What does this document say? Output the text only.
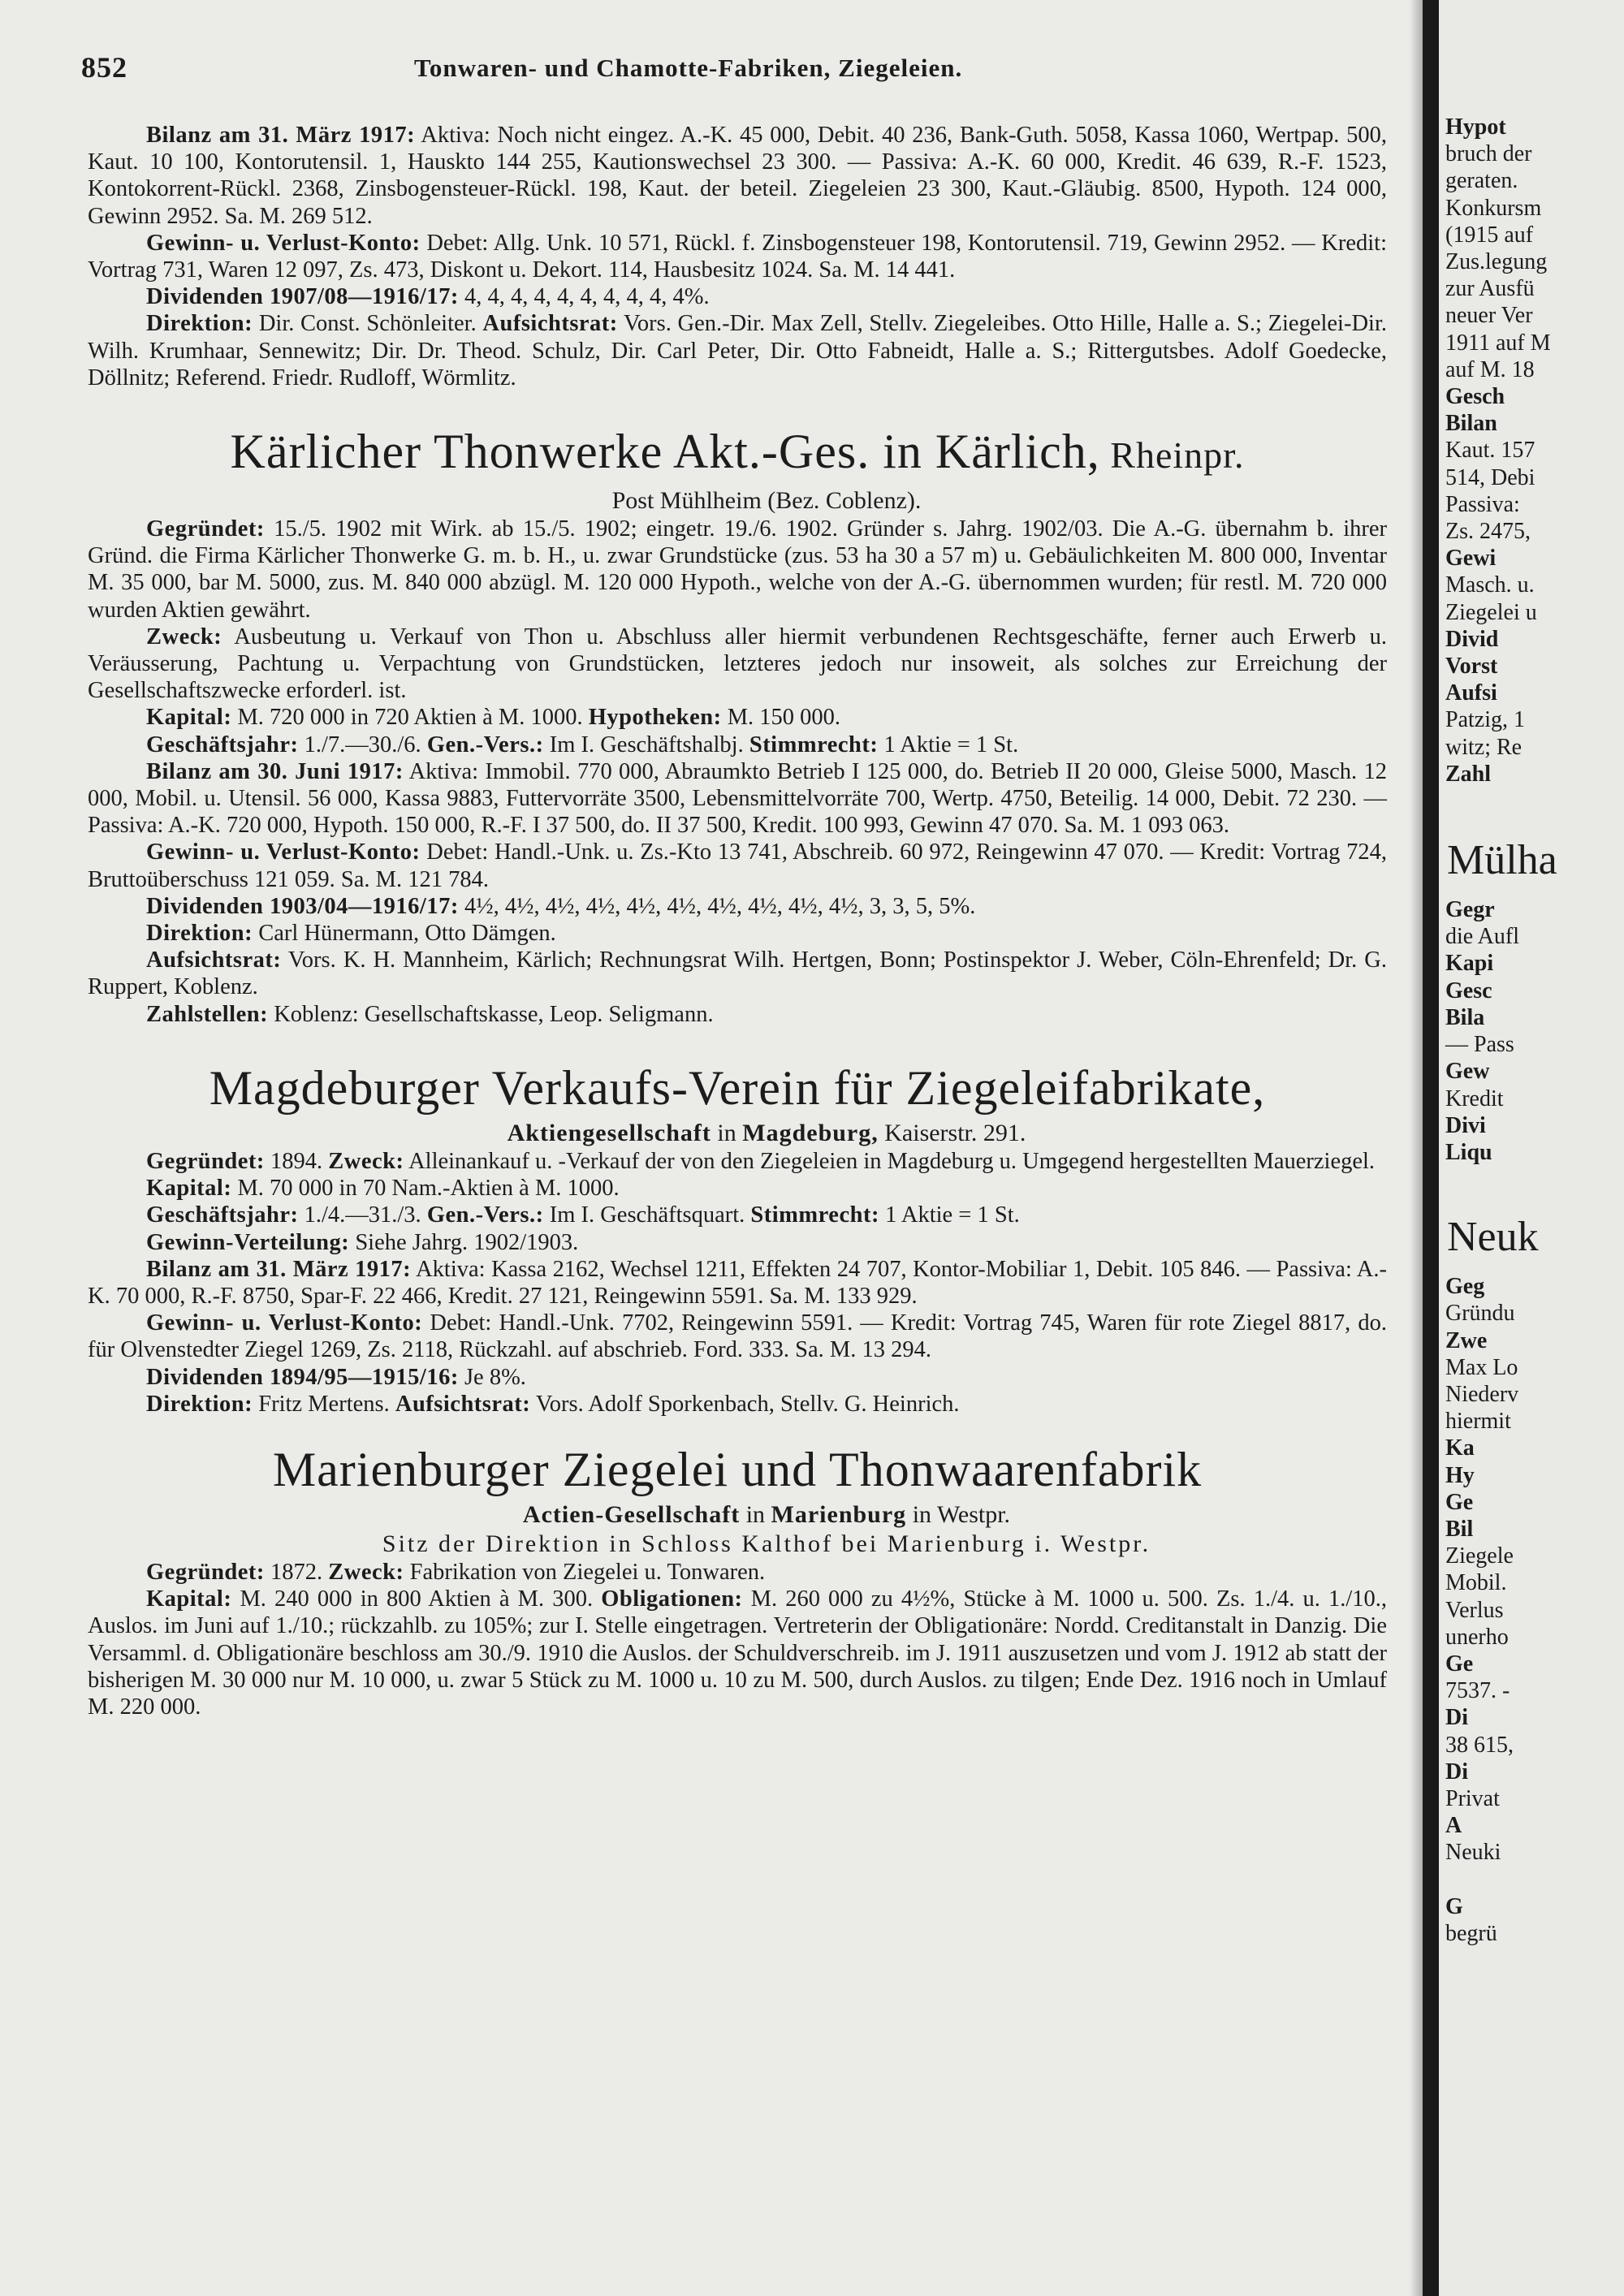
852	Tonwaren- und Chamotte-Fabriken, Ziegeleien.

Bilanz am 31. März 1917: Aktiva: Noch nicht eingez. A.-K. 45 000, Debit. 40 236, Bank-Guth. 5058, Kassa 1060, Wertpap. 500, Kaut. 10 100, Kontorutensil. 1, Hauskto 144 255, Kautionswechsel 23 300. — Passiva: A.-K. 60 000, Kredit. 46 639, R.-F. 1523, Kontokorrent-Rückl. 2368, Zinsbogensteuer-Rückl. 198, Kaut. der beteil. Ziegeleien 23 300, Kaut.-Gläubig. 8500, Hypoth. 124 000, Gewinn 2952. Sa. M. 269 512.

Gewinn- u. Verlust-Konto: Debet: Allg. Unk. 10 571, Rückl. f. Zinsbogensteuer 198, Kontorutensil. 719, Gewinn 2952. — Kredit: Vortrag 731, Waren 12 097, Zs. 473, Diskont u. Dekort. 114, Hausbesitz 1024. Sa. M. 14 441.

Dividenden 1907/08—1916/17: 4, 4, 4, 4, 4, 4, 4, 4, 4, 4%.

Direktion: Dir. Const. Schönleiter. Aufsichtsrat: Vors. Gen.-Dir. Max Zell, Stellv. Ziegeleibes. Otto Hille, Halle a. S.; Ziegelei-Dir. Wilh. Krumhaar, Sennewitz; Dir. Dr. Theod. Schulz, Dir. Carl Peter, Dir. Otto Fabneidt, Halle a. S.; Rittergutsbes. Adolf Goedecke, Döllnitz; Referend. Friedr. Rudloff, Wörmlitz.

Kärlicher Thonwerke Akt.-Ges. in Kärlich, Rheinpr.

Post Mühlheim (Bez. Coblenz).

Gegründet: 15./5. 1902 mit Wirk. ab 15./5. 1902; eingetr. 19./6. 1902. Gründer s. Jahrg. 1902/03. Die A.-G. übernahm b. ihrer Gründ. die Firma Kärlicher Thonwerke G. m. b. H., u. zwar Grundstücke (zus. 53 ha 30 a 57 m) u. Gebäulichkeiten M. 800 000, Inventar M. 35 000, bar M. 5000, zus. M. 840 000 abzügl. M. 120 000 Hypoth., welche von der A.-G. übernommen wurden; für restl. M. 720 000 wurden Aktien gewährt.

Zweck: Ausbeutung u. Verkauf von Thon u. Abschluss aller hiermit verbundenen Rechtsgeschäfte, ferner auch Erwerb u. Veräusserung, Pachtung u. Verpachtung von Grundstücken, letzteres jedoch nur insoweit, als solches zur Erreichung der Gesellschaftszwecke erforderl. ist.

Kapital: M. 720 000 in 720 Aktien à M. 1000. Hypotheken: M. 150 000.

Geschäftsjahr: 1./7.—30./6. Gen.-Vers.: Im I. Geschäftshalbj. Stimmrecht: 1 Aktie = 1 St.

Bilanz am 30. Juni 1917: Aktiva: Immobil. 770 000, Abraumkto Betrieb I 125 000, do. Betrieb II 20 000, Gleise 5000, Masch. 12 000, Mobil. u. Utensil. 56 000, Kassa 9883, Futtervorräte 3500, Lebensmittelvorräte 700, Wertp. 4750, Beteilig. 14 000, Debit. 72 230. — Passiva: A.-K. 720 000, Hypoth. 150 000, R.-F. I 37 500, do. II 37 500, Kredit. 100 993, Gewinn 47 070. Sa. M. 1 093 063.

Gewinn- u. Verlust-Konto: Debet: Handl.-Unk. u. Zs.-Kto 13 741, Abschreib. 60 972, Reingewinn 47 070. — Kredit: Vortrag 724, Bruttoüberschuss 121 059. Sa. M. 121 784.

Dividenden 1903/04—1916/17: 4½, 4½, 4½, 4½, 4½, 4½, 4½, 4½, 4½, 4½, 3, 3, 5, 5%.

Direktion: Carl Hünermann, Otto Dämgen.

Aufsichtsrat: Vors. K. H. Mannheim, Kärlich; Rechnungsrat Wilh. Hertgen, Bonn; Postinspektor J. Weber, Cöln-Ehrenfeld; Dr. G. Ruppert, Koblenz.

Zahlstellen: Koblenz: Gesellschaftskasse, Leop. Seligmann.

Magdeburger Verkaufs-Verein für Ziegeleifabrikate,

Aktiengesellschaft in Magdeburg, Kaiserstr. 291.

Gegründet: 1894. Zweck: Alleinankauf u. -Verkauf der von den Ziegeleien in Magdeburg u. Umgegend hergestellten Mauerziegel.

Kapital: M. 70 000 in 70 Nam.-Aktien à M. 1000.

Geschäftsjahr: 1./4.—31./3. Gen.-Vers.: Im I. Geschäftsquart. Stimmrecht: 1 Aktie = 1 St.

Gewinn-Verteilung: Siehe Jahrg. 1902/1903.

Bilanz am 31. März 1917: Aktiva: Kassa 2162, Wechsel 1211, Effekten 24 707, Kontor-Mobiliar 1, Debit. 105 846. — Passiva: A.-K. 70 000, R.-F. 8750, Spar-F. 22 466, Kredit. 27 121, Reingewinn 5591. Sa. M. 133 929.

Gewinn- u. Verlust-Konto: Debet: Handl.-Unk. 7702, Reingewinn 5591. — Kredit: Vortrag 745, Waren für rote Ziegel 8817, do. für Olvenstedter Ziegel 1269, Zs. 2118, Rückzahl. auf abschrieb. Ford. 333. Sa. M. 13 294.

Dividenden 1894/95—1915/16: Je 8%.

Direktion: Fritz Mertens. Aufsichtsrat: Vors. Adolf Sporkenbach, Stellv. G. Heinrich.

Marienburger Ziegelei und Thonwaarenfabrik

Actien-Gesellschaft in Marienburg in Westpr.

Sitz der Direktion in Schloss Kalthof bei Marienburg i. Westpr.

Gegründet: 1872. Zweck: Fabrikation von Ziegelei u. Tonwaren.

Kapital: M. 240 000 in 800 Aktien à M. 300. Obligationen: M. 260 000 zu 4½%, Stücke à M. 1000 u. 500. Zs. 1./4. u. 1./10., Auslos. im Juni auf 1./10.; rückzahlb. zu 105%; zur I. Stelle eingetragen. Vertreterin der Obligationäre: Nordd. Creditanstalt in Danzig. Die Versamml. d. Obligationäre beschloss am 30./9. 1910 die Auslos. der Schuldverschreib. im J. 1911 auszusetzen und vom J. 1912 ab statt der bisherigen M. 30 000 nur M. 10 000, u. zwar 5 Stück zu M. 1000 u. 10 zu M. 500, durch Auslos. zu tilgen; Ende Dez. 1916 noch in Umlauf M. 220 000.

Hypot
bruch der
geraten.
Konkursm
(1915 auf
Zus.legung
zur Ausfü
neuer Ver
1911 auf M
auf M. 18
Gesch
Bilan
Kaut. 157
514, Debi
Passiva:
Zs. 2475,
Gewi
Masch. u.
Ziegelei u
Divid
Vorst
Aufsi
Patzig, 1
witz; Re
Zahl
Mülha
Gegr
die Aufl
Kapi
Gesc
Bila
— Pass
Gew
Kredit
Divi
Liqu
Neuk
Geg
Gründu
Zwe
Max Lo
Niederv
hiermit
Ka
Hy
Ge
Bil
Ziegele
Mobil.
Verlus
unerho
Ge
7537. -
Di
38 615,
Di
Privat
A
Neuki

G
begrü
